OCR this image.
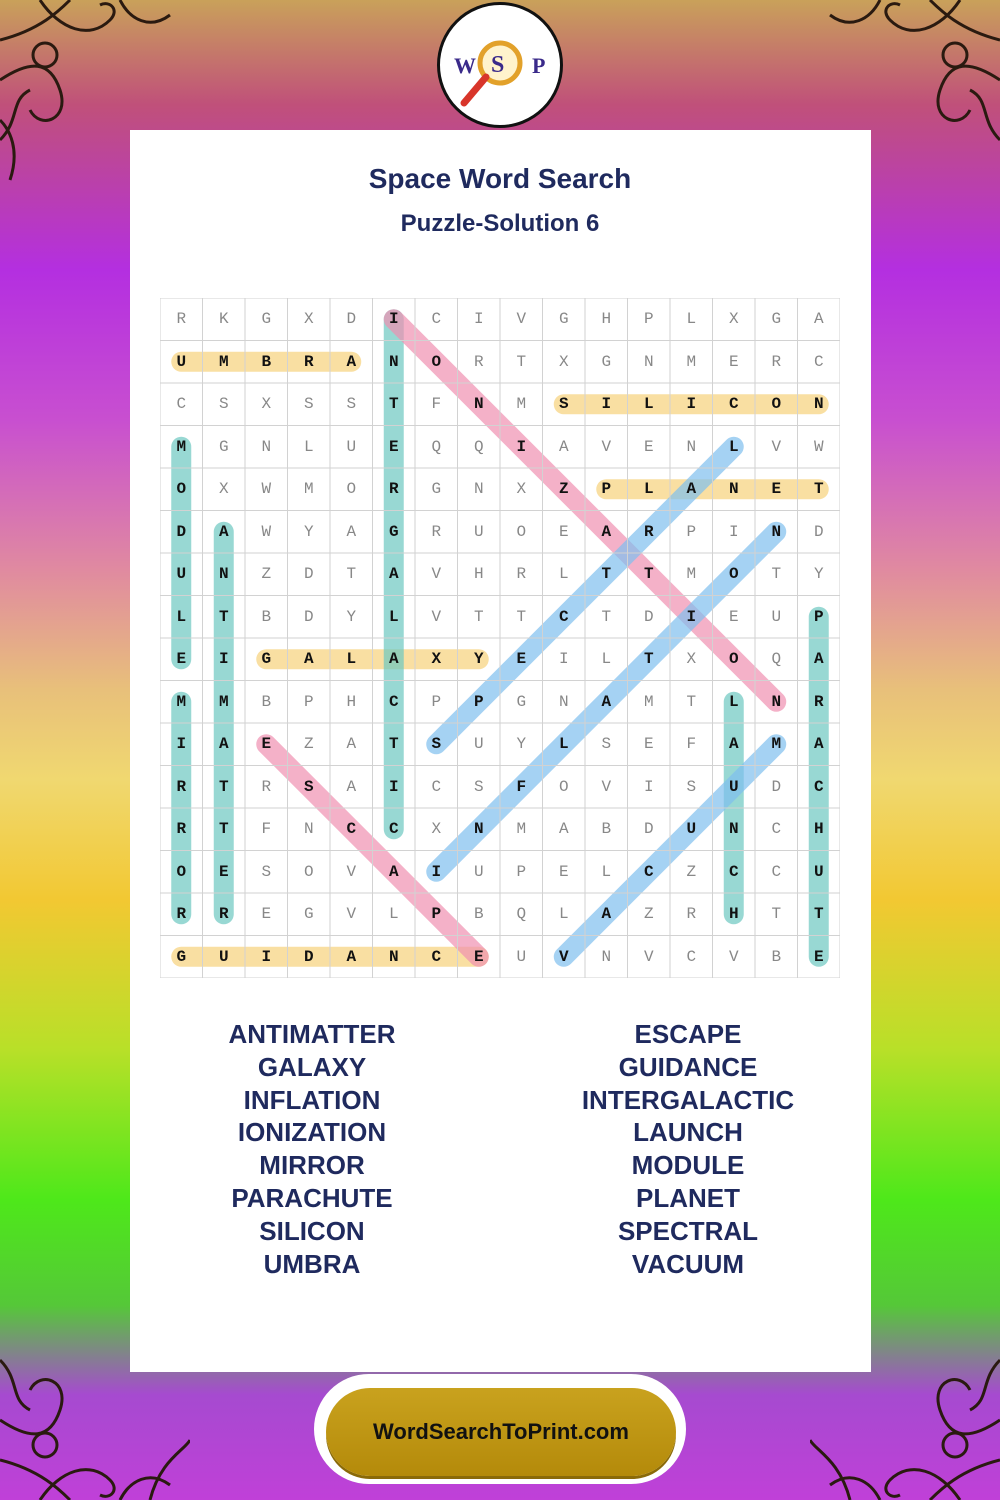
W S P
Space Word Search
Puzzle-Solution 6
R	K	G	X	D	I	C	I	V	G	H	P	L	X	G	A
U	M	B	R	A	N	O	R	T	X	G	N	M	E	R	C
C	S	X	S	S	T	F	N	M	S	I	L	I	C	O	N
M	G	N	L	U	E	Q	Q	I	A	V	E	N	L	V	W
O	X	W	M	O	R	G	N	X	Z	P	L	A	N	E	T
D	A	W	Y	A	G	R	U	O	E	A	R	P	I	N	D
U	N	Z	D	T	A	V	H	R	L	T	T	M	O	T	Y
L	T	B	D	Y	L	V	T	T	C	T	D	I	E	U	P
E	I	G	A	L	A	X	Y	E	I	L	T	X	O	Q	A
M	M	B	P	H	C	P	P	G	N	A	M	T	L	N	R
I	A	E	Z	A	T	S	U	Y	L	S	E	F	A	M	A
R	T	R	S	A	I	C	S	F	O	V	I	S	U	D	C
R	T	F	N	C	C	X	N	M	A	B	D	U	N	C	H
O	E	S	O	V	A	I	U	P	E	L	C	Z	C	C	U
R	R	E	G	V	L	P	B	Q	L	A	Z	R	H	T	T
G	U	I	D	A	N	C	E	U	V	N	V	C	V	B	E
ANTIMATTER
GALAXY
INFLATION
IONIZATION
MIRROR
PARACHUTE
SILICON
UMBRA
ESCAPE
GUIDANCE
INTERGALACTIC
LAUNCH
MODULE
PLANET
SPECTRAL
VACUUM
WordSearchToPrint.com
